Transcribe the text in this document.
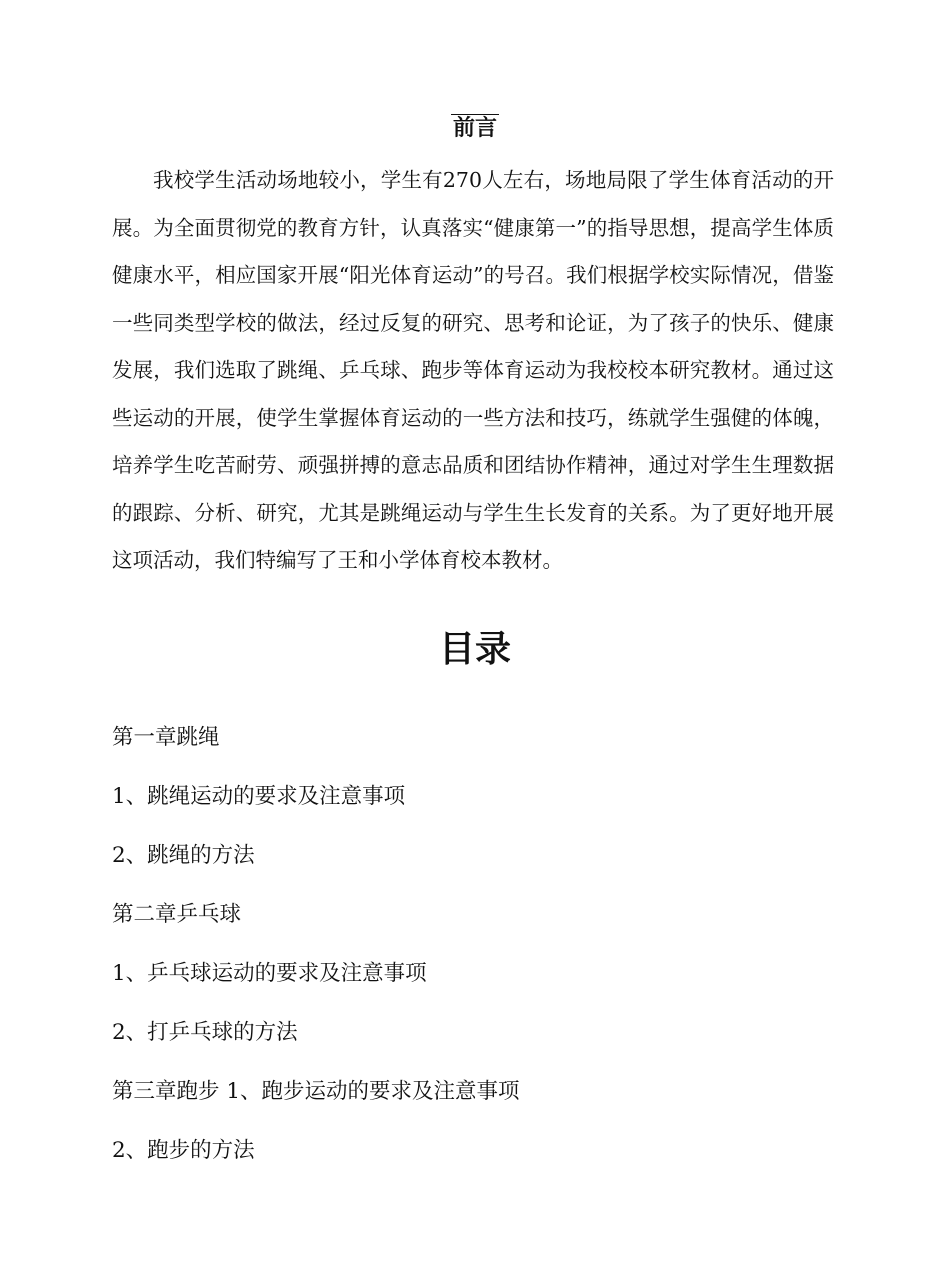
前言

我校学生活动场地较小，学生有270人左右，场地局限了学生体育活动的开展。为全面贯彻党的教育方针，认真落实“健康第一”的指导思想，提高学生体质健康水平，相应国家开展“阳光体育运动”的号召。我们根据学校实际情况，借鉴一些同类型学校的做法，经过反复的研究、思考和论证，为了孩子的快乐、健康发展，我们选取了跳绳、乒乓球、跑步等体育运动为我校校本研究教材。通过这些运动的开展，使学生掌握体育运动的一些方法和技巧，练就学生强健的体魄，培养学生吃苦耐劳、顽强拼搏的意志品质和团结协作精神，通过对学生生理数据的跟踪、分析、研究，尤其是跳绳运动与学生生长发育的关系。为了更好地开展这项活动，我们特编写了王和小学体育校本教材。

目录
第一章跳绳
1、跳绳运动的要求及注意事项
2、跳绳的方法
第二章乒乓球
1、乒乓球运动的要求及注意事项
2、打乒乓球的方法
第三章跑步 1、跑步运动的要求及注意事项
2、跑步的方法
